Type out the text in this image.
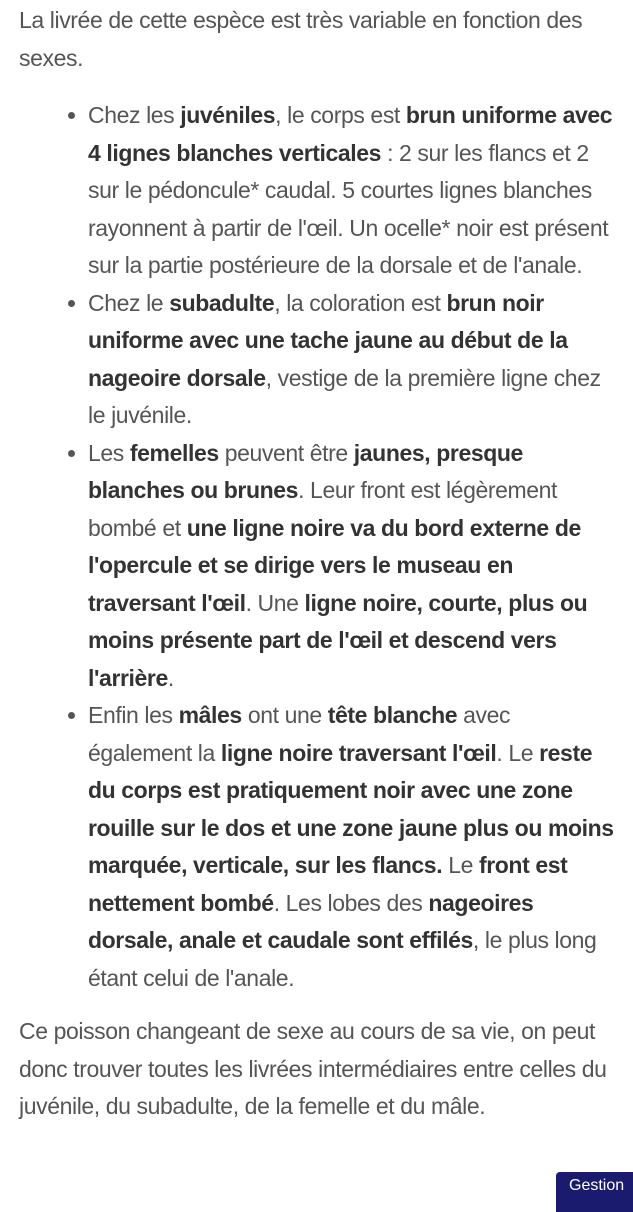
La livrée de cette espèce est très variable en fonction des sexes.

Chez les juvéniles, le corps est brun uniforme avec 4 lignes blanches verticales : 2 sur les flancs et 2 sur le pédoncule* caudal. 5 courtes lignes blanches rayonnent à partir de l'œil. Un ocelle* noir est présent sur la partie postérieure de la dorsale et de l'anale.
Chez le subadulte, la coloration est brun noir uniforme avec une tache jaune au début de la nageoire dorsale, vestige de la première ligne chez le juvénile.
Les femelles peuvent être jaunes, presque blanches ou brunes. Leur front est légèrement bombé et une ligne noire va du bord externe de l'opercule et se dirige vers le museau en traversant l'œil. Une ligne noire, courte, plus ou moins présente part de l'œil et descend vers l'arrière.
Enfin les mâles ont une tête blanche avec également la ligne noire traversant l'œil. Le reste du corps est pratiquement noir avec une zone rouille sur le dos et une zone jaune plus ou moins marquée, verticale, sur les flancs. Le front est nettement bombé. Les lobes des nageoires dorsale, anale et caudale sont effilés, le plus long étant celui de l'anale.

Ce poisson changeant de sexe au cours de sa vie, on peut donc trouver toutes les livrées intermédiaires entre celles du juvénile, du subadulte, de la femelle et du mâle.

Gestion
